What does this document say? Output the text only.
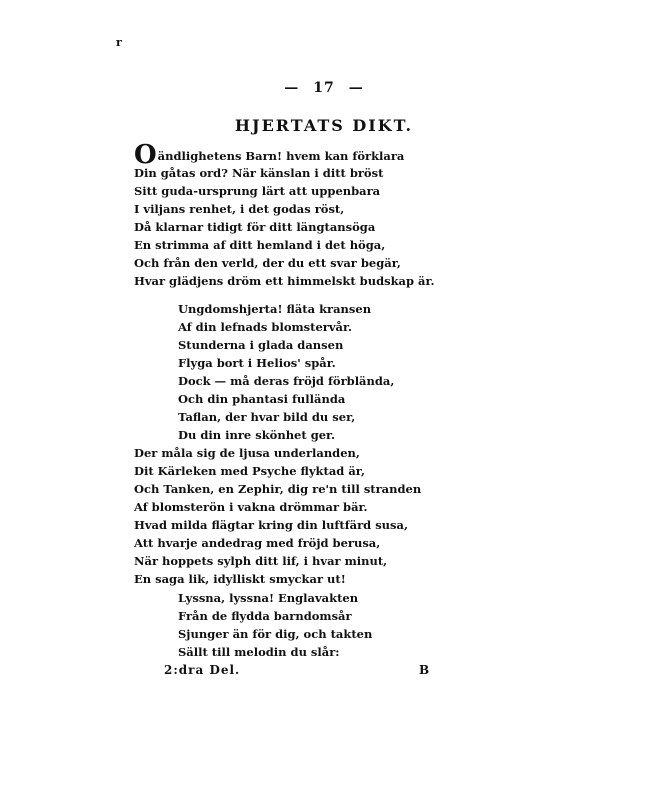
r
— 17 —
HJERTATS DIKT.
Oändlighetens Barn! hvem kan förklara
Din gåtas ord? När känslan i ditt bröst
Sitt guda-ursprung lärt att uppenbara
I viljans renhet, i det godas röst,
Då klarnar tidigt för ditt längtansöga
En strimma af ditt hemland i det höga,
Och från den verld, der du ett svar begär,
Hvar glädjens dröm ett himmelskt budskap är.
Ungdomshjerta! fläta kransen
Af din lefnads blomstervår.
Stunderna i glada dansen
Flyga bort i Helios' spår.
Dock — må deras fröjd förblända,
Och din phantasi fullända
Taflan, der hvar bild du ser,
Du din inre skönhet ger.
Der måla sig de ljusa underlanden,
Dit Kärleken med Psyche flyktad är,
Och Tanken, en Zephir, dig re'n till stranden
Af blomsterön i vakna drömmar bär.
Hvad milda flägtar kring din luftfärd susa,
Att hvarje andedrag med fröjd berusa,
När hoppets sylph ditt lif, i hvar minut,
En saga lik, idylliskt smyckar ut!
Lyssna, lyssna! Englavakten
Från de flydda barndomsår
Sjunger än för dig, och takten
Sällt till melodin du slår:
2:dra Del.	B
